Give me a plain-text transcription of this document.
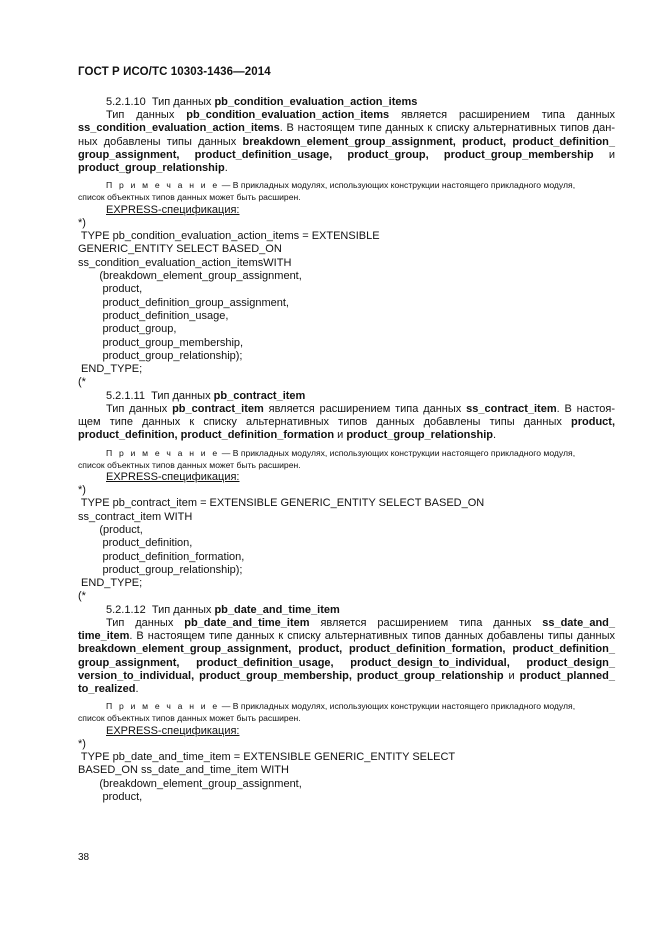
ГОСТ Р ИСО/ТС 10303-1436—2014

5.2.1.10 Тип данных pb_condition_evaluation_action_items

Тип данных pb_condition_evaluation_action_items является расширением типа данных

ss_condition_evaluation_action_items. В настоящем типе данных к списку альтернативных типов дан-

ных добавлены типы данных breakdown_element_group_assignment, product, product_definition_

group_assignment, product_definition_usage, product_group, product_group_membership и

product_group_relationship.

П р и м е ч а н и е — В прикладных модулях, использующих конструкции настоящего прикладного модуля,

список объектных типов данных может быть расширен.

EXPRESS-спецификация:

*)
TYPE pb_condition_evaluation_action_items = EXTENSIBLE
GENERIC_ENTITY SELECT BASED_ON
ss_condition_evaluation_action_itemsWITH
(breakdown_element_group_assignment,
product,
product_definition_group_assignment,
product_definition_usage,
product_group,
product_group_membership,
product_group_relationship);
END_TYPE;
(*

5.2.1.11 Тип данных pb_contract_item

Тип данных pb_contract_item является расширением типа данных ss_contract_item. В настоя-

щем типе данных к списку альтернативных типов данных добавлены типы данных product,

product_definition, product_definition_formation и product_group_relationship.

П р и м е ч а н и е — В прикладных модулях, использующих конструкции настоящего прикладного модуля,

список объектных типов данных может быть расширен.

EXPRESS-спецификация:

*)
TYPE pb_contract_item = EXTENSIBLE GENERIC_ENTITY SELECT BASED_ON
ss_contract_item WITH
(product,
product_definition,
product_definition_formation,
product_group_relationship);
END_TYPE;
(*

5.2.1.12 Тип данных pb_date_and_time_item

Тип данных pb_date_and_time_item является расширением типа данных ss_date_and_

time_item. В настоящем типе данных к списку альтернативных типов данных добавлены типы данных

breakdown_element_group_assignment, product, product_definition_formation, product_definition_

group_assignment, product_definition_usage, product_design_to_individual, product_design_

version_to_individual, product_group_membership, product_group_relationship и product_planned_

to_realized.

П р и м е ч а н и е — В прикладных модулях, использующих конструкции настоящего прикладного модуля,

список объектных типов данных может быть расширен.

EXPRESS-спецификация:

*)
TYPE pb_date_and_time_item = EXTENSIBLE GENERIC_ENTITY SELECT
BASED_ON ss_date_and_time_item WITH
(breakdown_element_group_assignment,
product,
38
